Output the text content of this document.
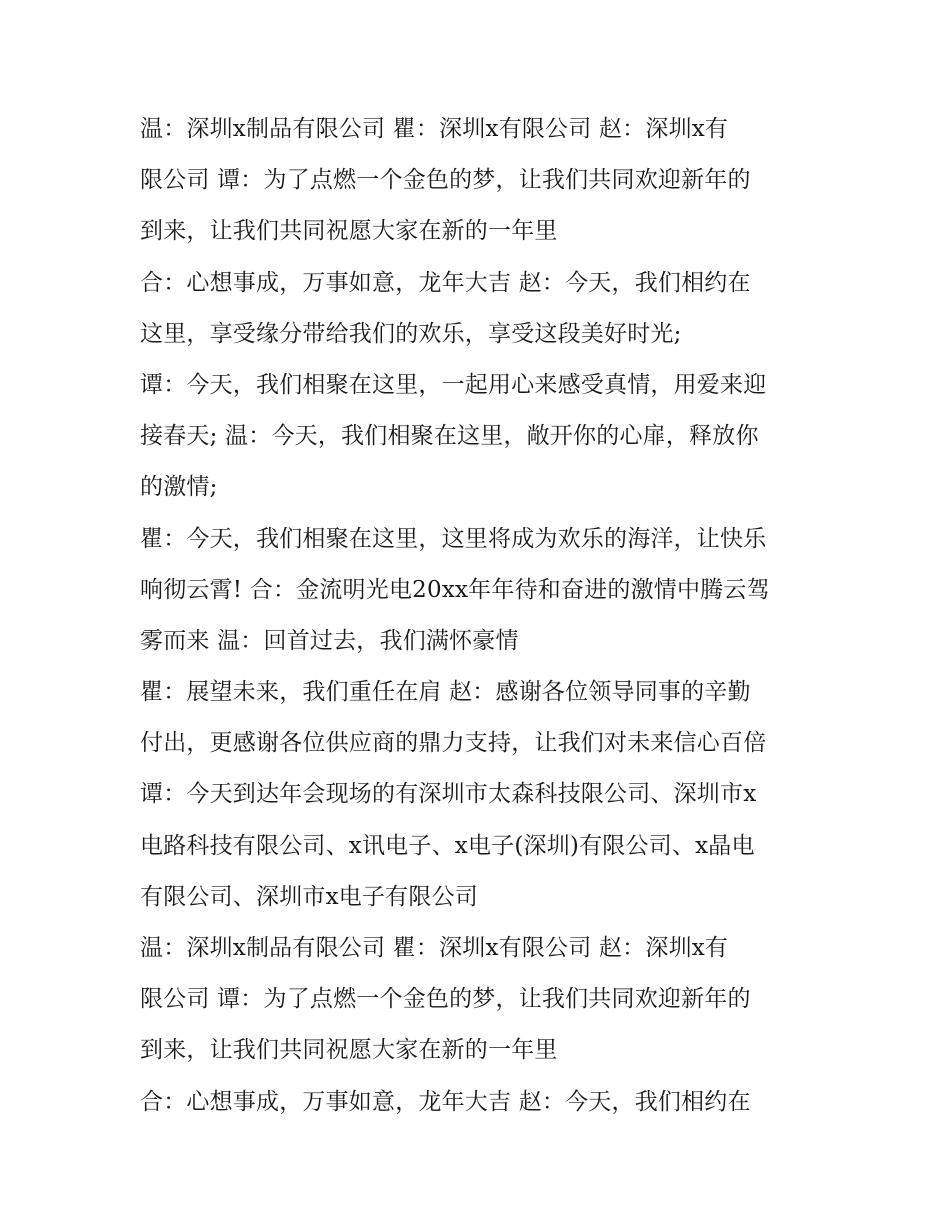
温：深圳x制品有限公司 瞿：深圳x有限公司 赵：深圳x有
限公司 谭：为了点燃一个金色的梦，让我们共同欢迎新年的
到来，让我们共同祝愿大家在新的一年里
合：心想事成，万事如意，龙年大吉 赵：今天，我们相约在
这里，享受缘分带给我们的欢乐，享受这段美好时光;
谭：今天，我们相聚在这里，一起用心来感受真情，用爱来迎
接春天; 温：今天，我们相聚在这里，敞开你的心扉，释放你
的激情;
瞿：今天，我们相聚在这里，这里将成为欢乐的海洋，让快乐
响彻云霄! 合：金流明光电20xx年年待和奋进的激情中腾云驾
雾而来 温：回首过去，我们满怀豪情
瞿：展望未来，我们重任在肩 赵：感谢各位领导同事的辛勤
付出，更感谢各位供应商的鼎力支持，让我们对未来信心百倍
谭：今天到达年会现场的有深圳市太森科技限公司、深圳市x
电路科技有限公司、x讯电子、x电子(深圳)有限公司、x晶电
有限公司、深圳市x电子有限公司
温：深圳x制品有限公司 瞿：深圳x有限公司 赵：深圳x有
限公司 谭：为了点燃一个金色的梦，让我们共同欢迎新年的
到来，让我们共同祝愿大家在新的一年里
合：心想事成，万事如意，龙年大吉 赵：今天，我们相约在
